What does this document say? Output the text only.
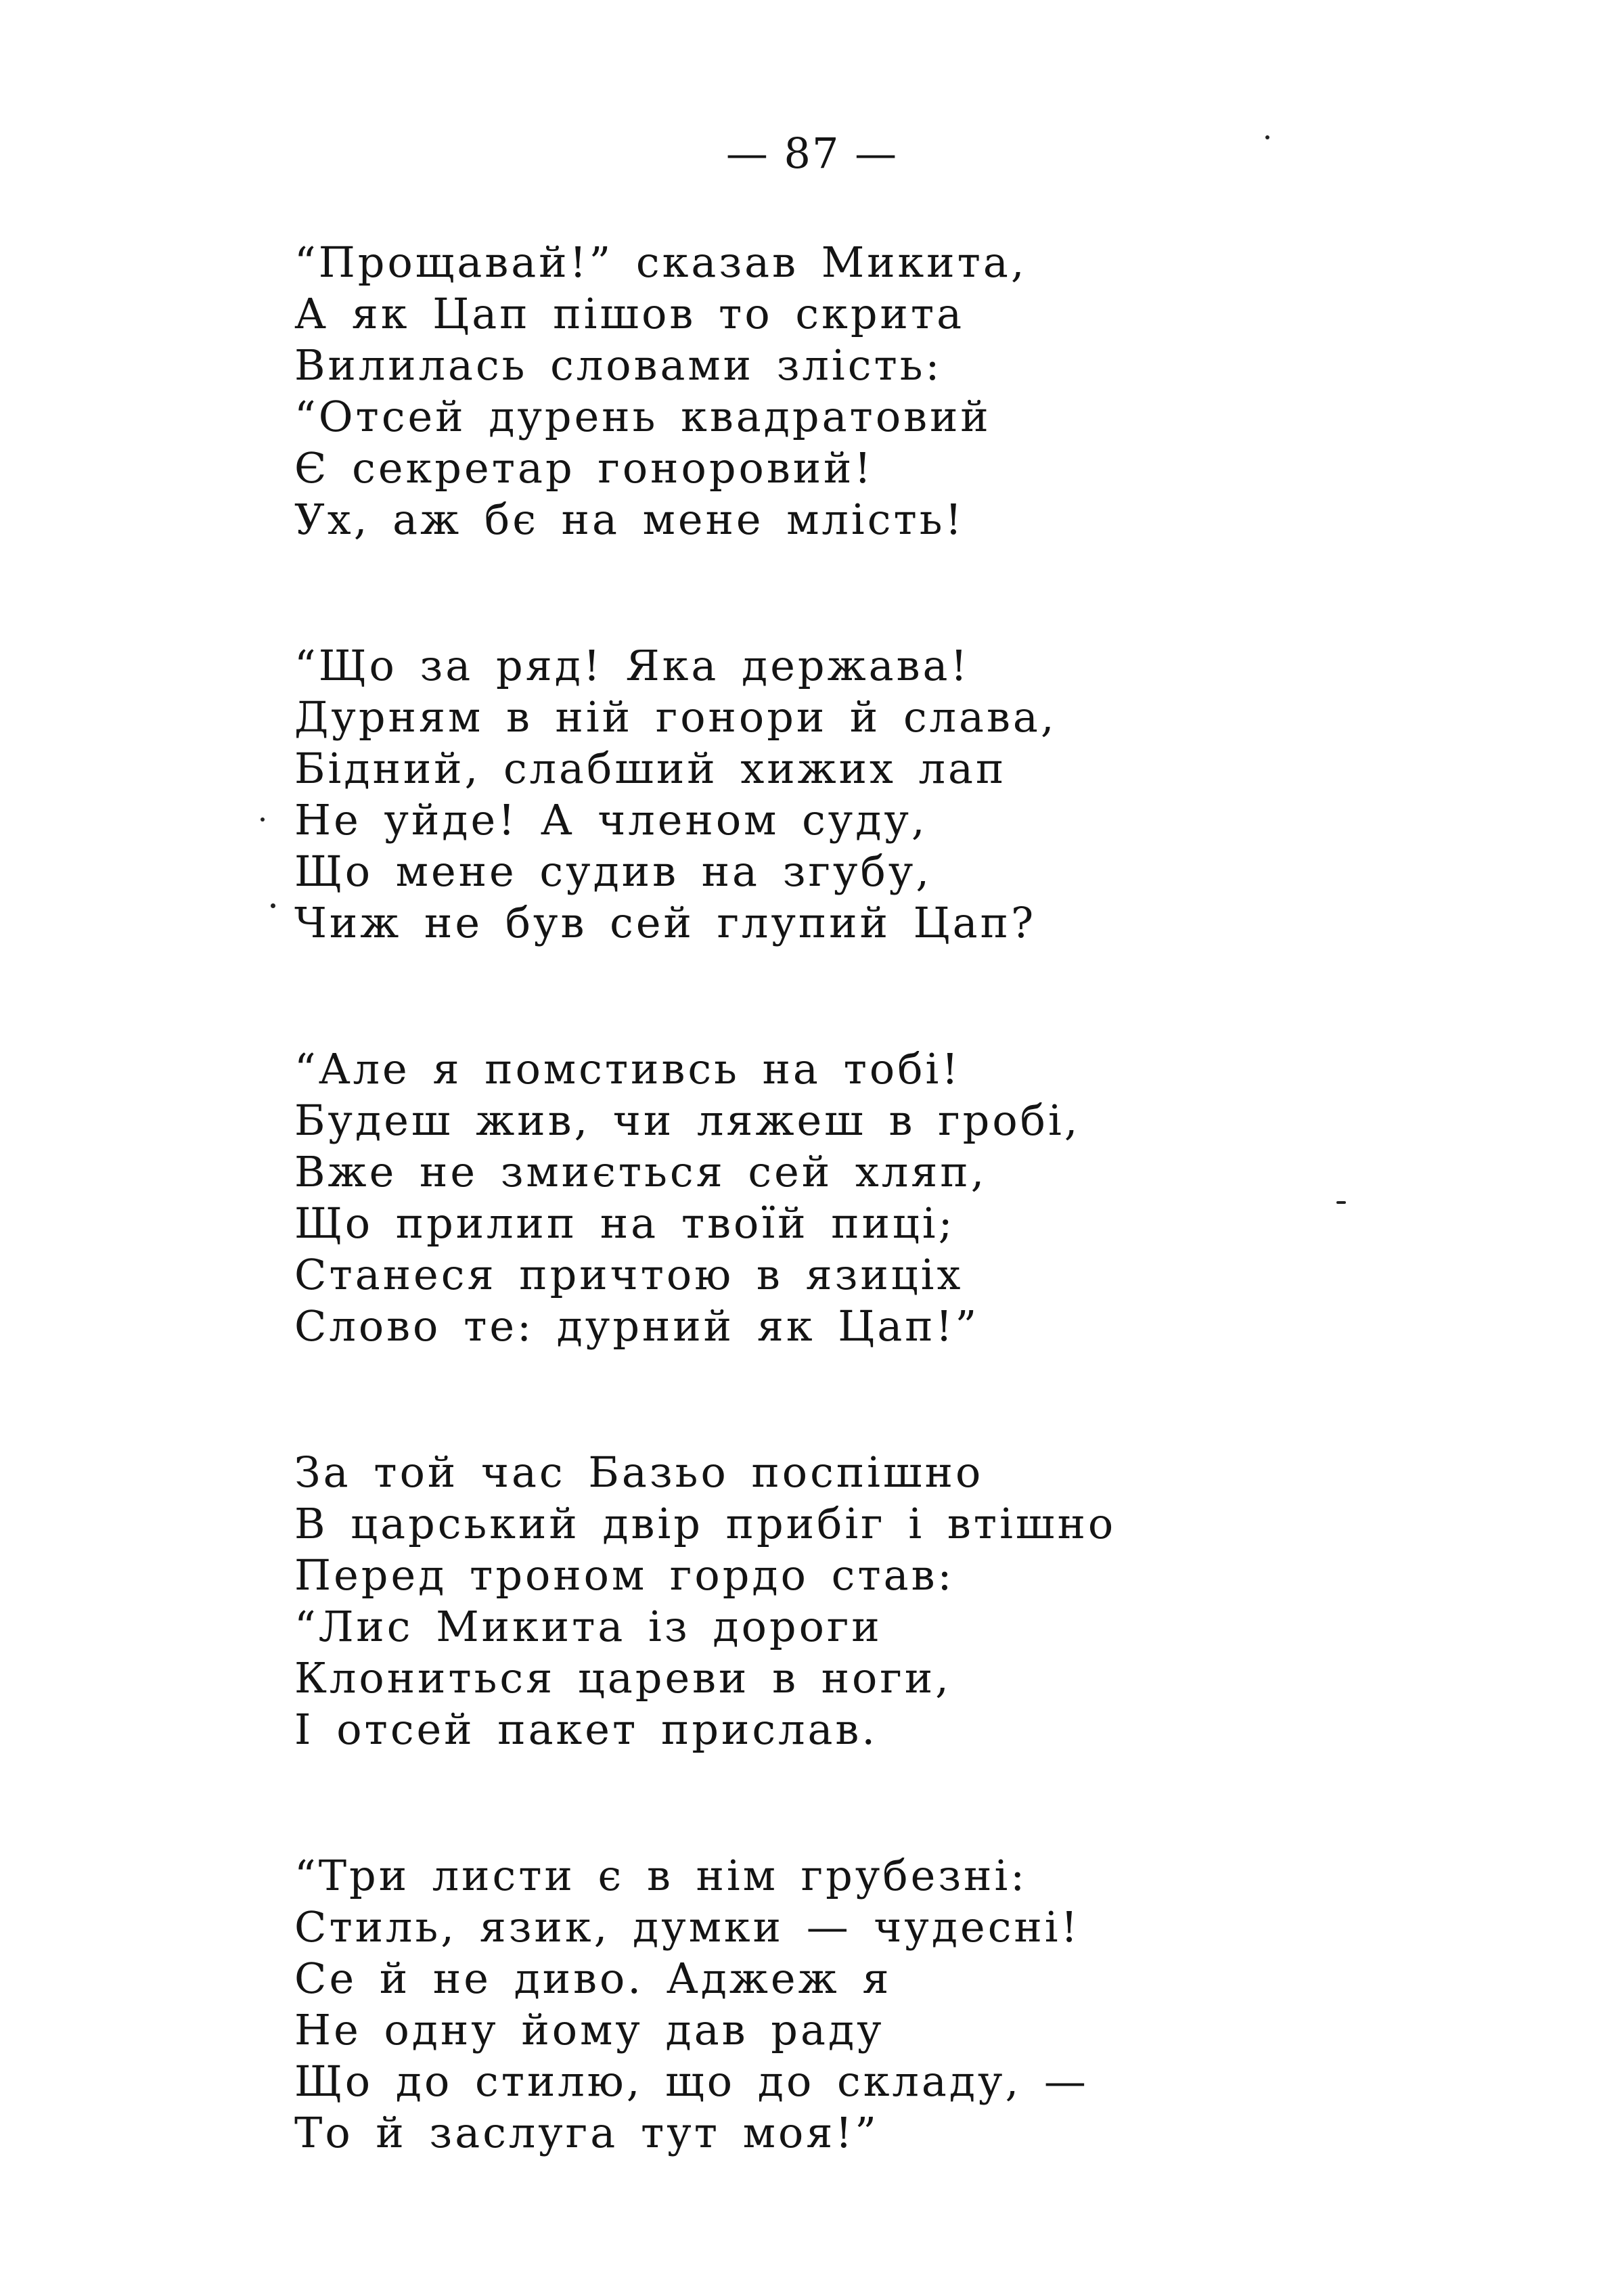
— 87 —
“Прощавай!” сказав Микита,
А як Цап пішов то скрита
Вилилась словами злість:
“Отсей дурень квадратовий
Є секретар гоноровий!
Ух, аж бє на мене млість!
“Що за ряд! Яка держава!
Дурням в ній гонори й слава,
Бідний, слабший хижих лап
Не уйде! А членом суду,
Що мене судив на згубу,
Чиж не був сей глупий Цап?
“Але я помстивсь на тобі!
Будеш жив, чи ляжеш в гробі,
Вже не змиється сей хляп,
Що прилип на твоїй пиці;
Станеся причтою в язиціх
Слово те: дурний як Цап!”
За той час Базьо поспішно
В царський двір прибіг і втішно
Перед троном гордо став:
“Лис Микита із дороги
Клониться цареви в ноги,
І отсей пакет прислав.
“Три листи є в нім грубезні:
Стиль, язик, думки — чудесні!
Се й не диво. Аджеж я
Не одну йому дав раду
Що до стилю, що до складу, —
То й заслуга тут моя!”
